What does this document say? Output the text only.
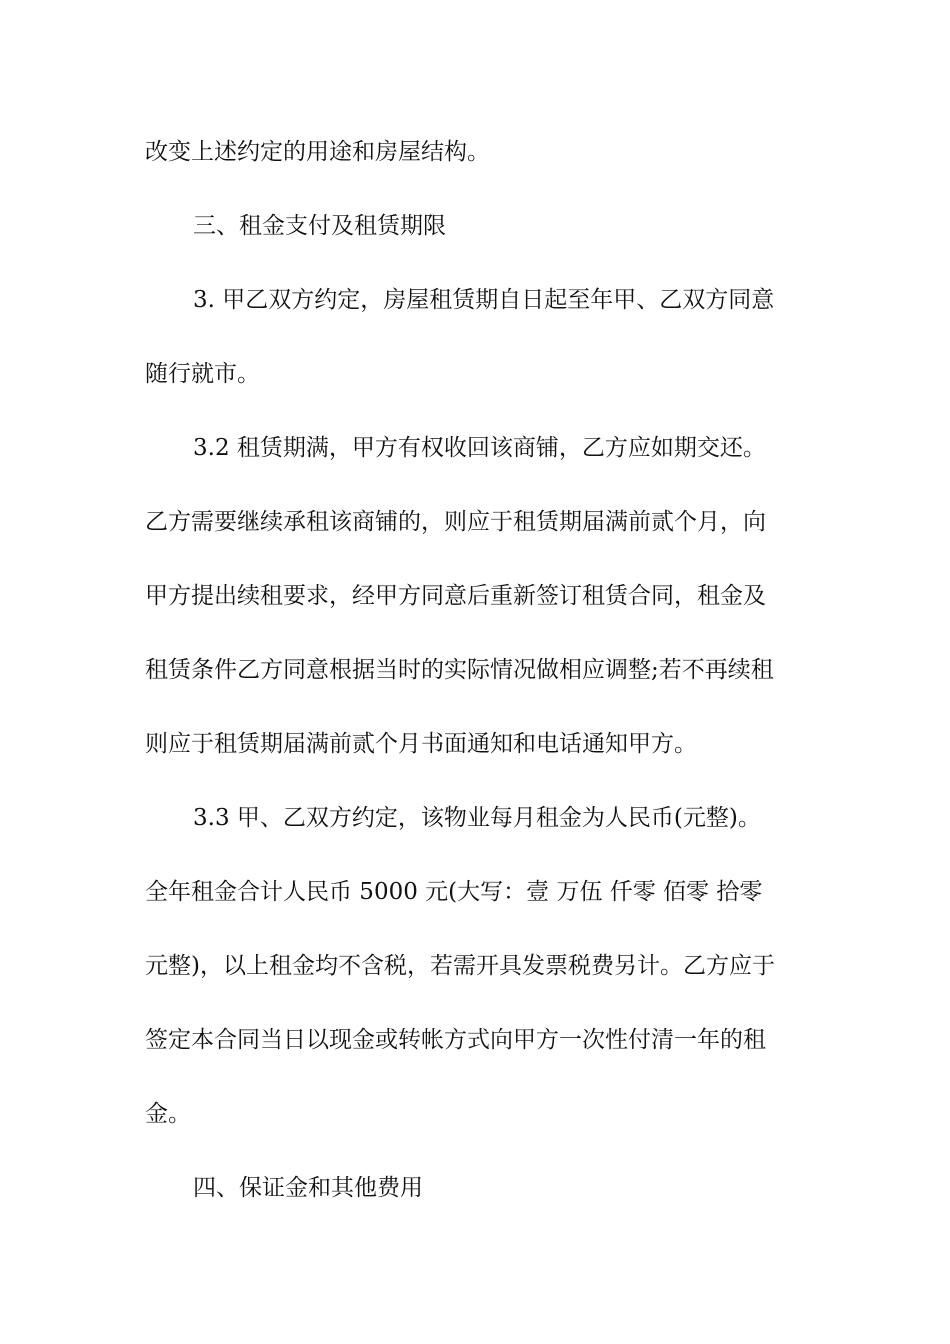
改变上述约定的用途和房屋结构。
三、租金支付及租赁期限
3. 甲乙双方约定，房屋租赁期自日起至年甲、乙双方同意
随行就市。
3.2 租赁期满，甲方有权收回该商铺，乙方应如期交还。
乙方需要继续承租该商铺的，则应于租赁期届满前贰个月，向
甲方提出续租要求，经甲方同意后重新签订租赁合同，租金及
租赁条件乙方同意根据当时的实际情况做相应调整;若不再续租
则应于租赁期届满前贰个月书面通知和电话通知甲方。
3.3 甲、乙双方约定，该物业每月租金为人民币(元整)。
全年租金合计人民币 5000 元(大写：壹 万伍 仟零 佰零 拾零
元整)，以上租金均不含税，若需开具发票税费另计。乙方应于
签定本合同当日以现金或转帐方式向甲方一次性付清一年的租
金。
四、保证金和其他费用
